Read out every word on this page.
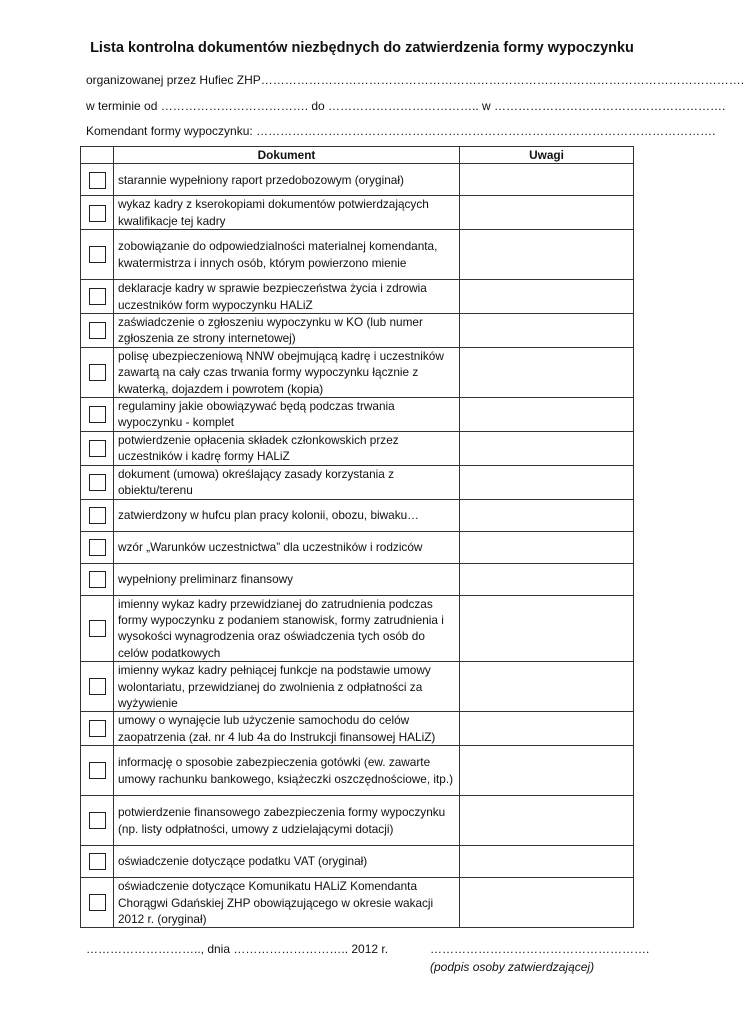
Lista kontrolna dokumentów niezbędnych do zatwierdzenia formy wypoczynku
organizowanej przez Hufiec ZHP………………………………………………………………………………………………………….
w terminie od ………………………………. do ……………………………….. w ………………………………………………….
Komendant formy wypoczynku: …………………………………………………………………………………………………….
	Dokument	Uwagi
	starannie wypełniony raport przedobozowym (oryginał)	
	wykaz kadry z kserokopiami dokumentów potwierdzających kwalifikacje tej kadry	
	zobowiązanie do odpowiedzialności materialnej komendanta, kwatermistrza i innych osób, którym powierzono mienie	
	deklaracje kadry w sprawie bezpieczeństwa życia i zdrowia uczestników form wypoczynku HALiZ	
	zaświadczenie o zgłoszeniu wypoczynku w KO (lub numer zgłoszenia ze strony internetowej)	
	polisę ubezpieczeniową NNW obejmującą kadrę i uczestników zawartą na cały czas trwania formy wypoczynku łącznie z kwaterką, dojazdem i powrotem (kopia)	
	regulaminy jakie obowiązywać będą podczas trwania wypoczynku - komplet	
	potwierdzenie opłacenia składek członkowskich przez uczestników i kadrę formy HALiZ	
	dokument (umowa) określający zasady korzystania z obiektu/terenu	
	zatwierdzony w hufcu plan pracy kolonii, obozu, biwaku…	
	wzór „Warunków uczestnictwa” dla uczestników i rodziców	
	wypełniony preliminarz finansowy	
	imienny wykaz kadry przewidzianej do zatrudnienia podczas formy wypoczynku z podaniem stanowisk, formy zatrudnienia i wysokości wynagrodzenia oraz oświadczenia tych osób do celów podatkowych	
	imienny wykaz kadry pełniącej funkcje na podstawie umowy wolontariatu, przewidzianej do zwolnienia z odpłatności za wyżywienie	
	umowy o wynajęcie lub użyczenie samochodu do celów zaopatrzenia (zał. nr 4 lub 4a do Instrukcji finansowej HALiZ)	
	informację o sposobie zabezpieczenia gotówki (ew. zawarte umowy rachunku bankowego, książeczki oszczędnościowe, itp.)	
	potwierdzenie finansowego zabezpieczenia formy wypoczynku (np. listy odpłatności, umowy z udzielającymi dotacji)	
	oświadczenie dotyczące podatku VAT (oryginał)	
	oświadczenie dotyczące Komunikatu HALiZ Komendanta Chorągwi Gdańskiej ZHP obowiązującego w okresie wakacji 2012 r. (oryginał)	
……………………….., dnia ……………………….. 2012 r.	……………………………………………….
(podpis osoby zatwierdzającej)
